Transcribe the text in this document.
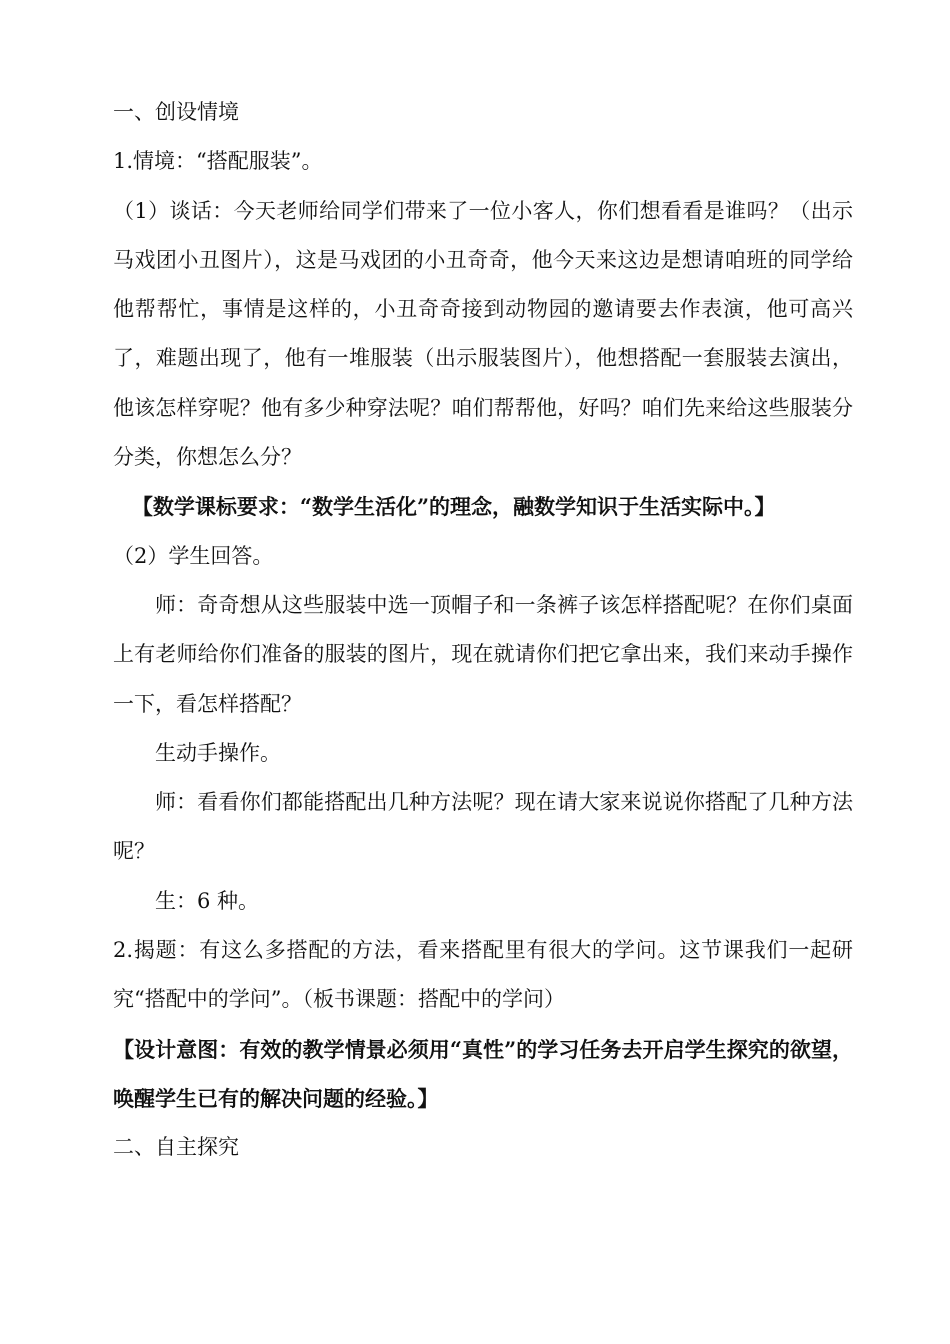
一、创设情境

1.情境：“搭配服装”。

（1）谈话：今天老师给同学们带来了一位小客人，你们想看看是谁吗？（出示马戏团小丑图片），这是马戏团的小丑奇奇，他今天来这边是想请咱班的同学给他帮帮忙，事情是这样的，小丑奇奇接到动物园的邀请要去作表演，他可高兴了，难题出现了，他有一堆服装（出示服装图片），他想搭配一套服装去演出，他该怎样穿呢？他有多少种穿法呢？咱们帮帮他，好吗？咱们先来给这些服装分分类，你想怎么分？

【数学课标要求：“数学生活化”的理念，融数学知识于生活实际中。】

（2）学生回答。

师：奇奇想从这些服装中选一顶帽子和一条裤子该怎样搭配呢？在你们桌面上有老师给你们准备的服装的图片，现在就请你们把它拿出来，我们来动手操作一下，看怎样搭配？

生动手操作。

师：看看你们都能搭配出几种方法呢？现在请大家来说说你搭配了几种方法呢？

生：6 种。

2.揭题：有这么多搭配的方法，看来搭配里有很大的学问。这节课我们一起研究“搭配中的学问”。（板书课题：搭配中的学问）

【设计意图：有效的教学情景必须用“真性”的学习任务去开启学生探究的欲望，唤醒学生已有的解决问题的经验。】

二、自主探究
